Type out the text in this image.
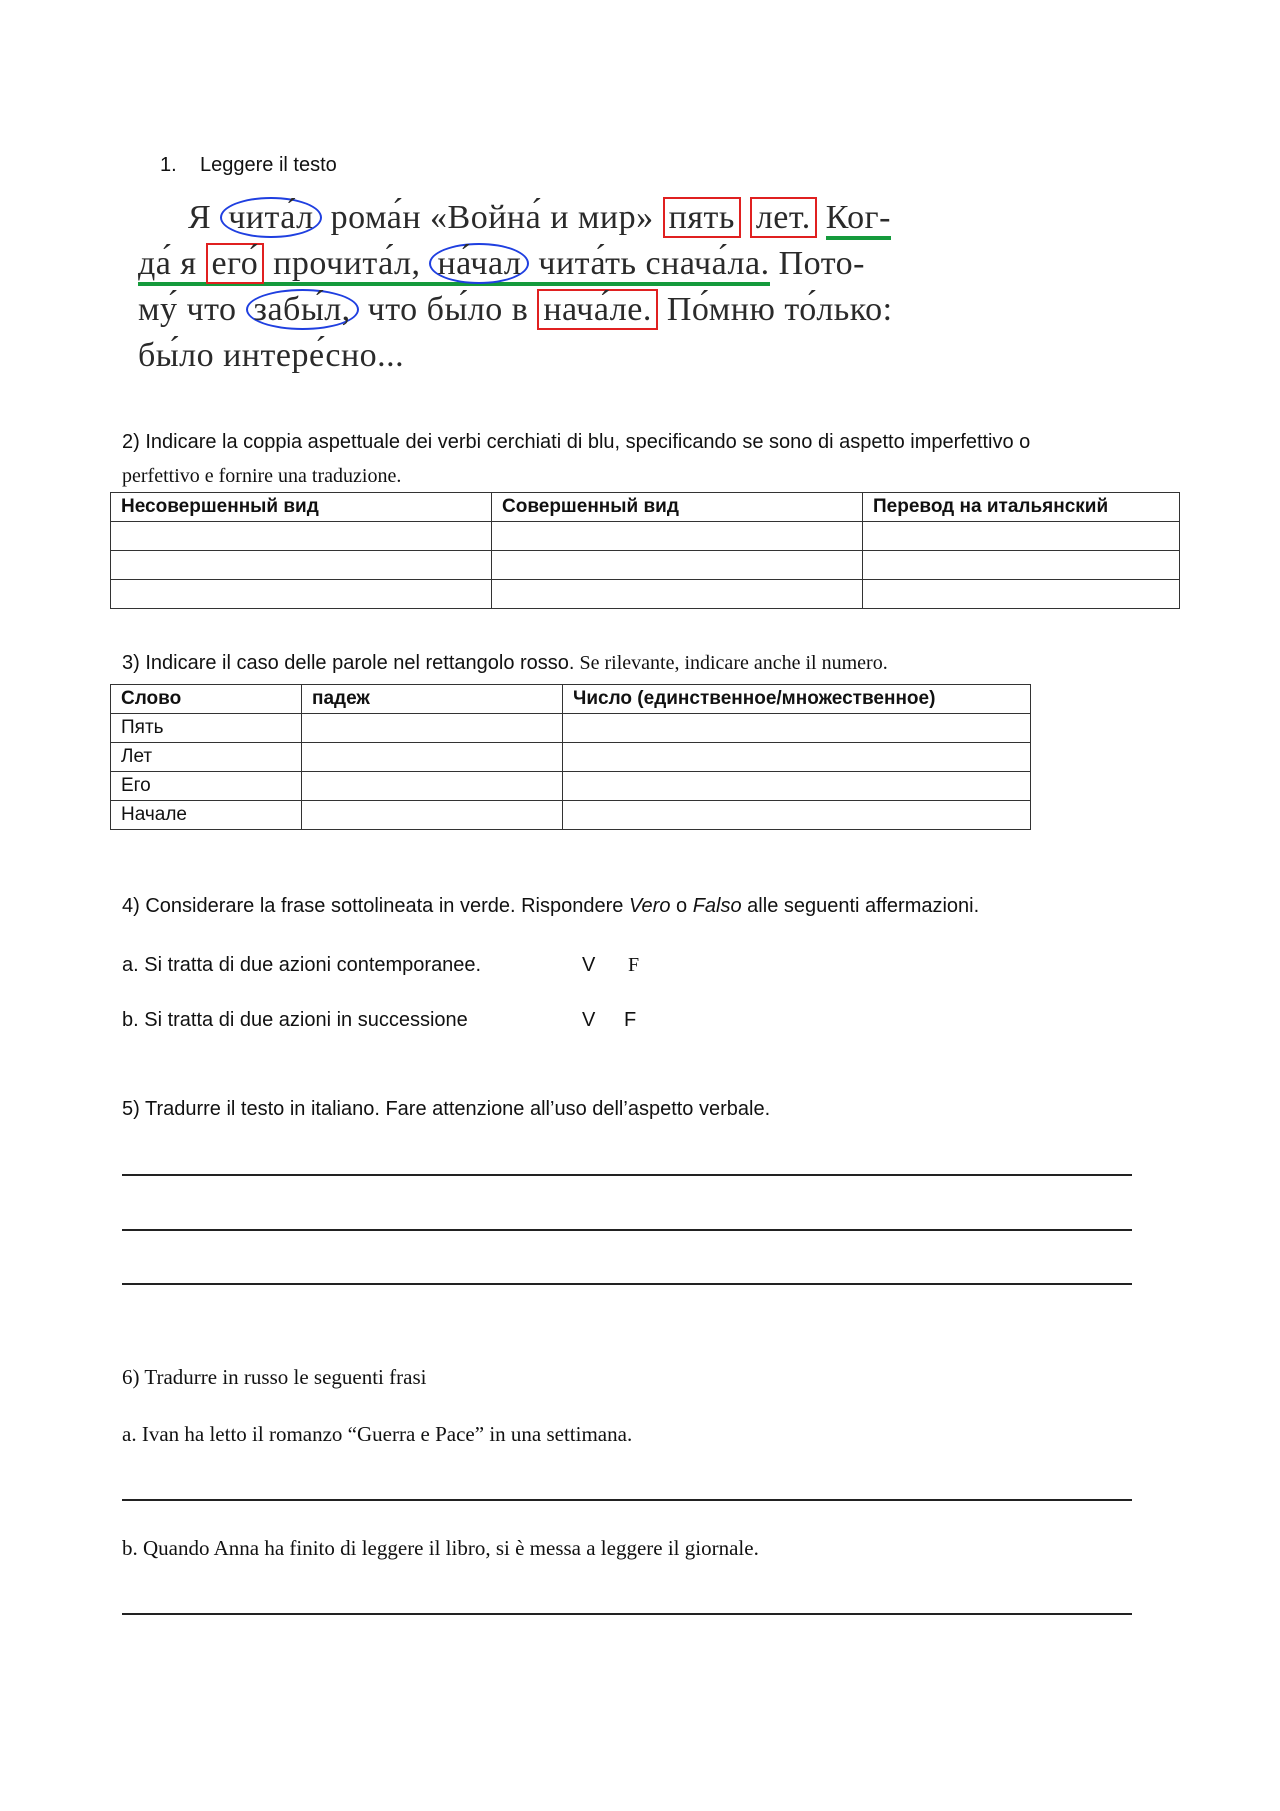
1. Leggere il testo
Я чита́л рома́н «Война́ и мир» пять лет. Ког-
да́ я его́ прочита́л, на́чал чита́ть снача́ла. Пото-
му́ что забы́л, что бы́ло в нача́ле. По́мню то́лько:
бы́ло интере́сно...
2) Indicare la coppia aspettuale dei verbi cerchiati di blu, specificando se sono di aspetto imperfettivo o
perfettivo e fornire una traduzione.
Несовершенный вид	Совершенный вид	Перевод на итальянский

3) Indicare il caso delle parole nel rettangolo rosso. Se rilevante, indicare anche il numero.
Слово	падеж	Число (единственное/множественное)
Пять		
Лет		
Его		
Начале		
4) Considerare la frase sottolineata in verde. Rispondere Vero o Falso alle seguenti affermazioni.
a. Si tratta di due azioni contemporanee.	V F
b. Si tratta di due azioni in successione	V F
5) Tradurre il testo in italiano. Fare attenzione all’uso dell’aspetto verbale.
6) Tradurre in russo le seguenti frasi
a. Ivan ha letto il romanzo “Guerra e Pace” in una settimana.
b. Quando Anna ha finito di leggere il libro, si è messa a leggere il giornale.
